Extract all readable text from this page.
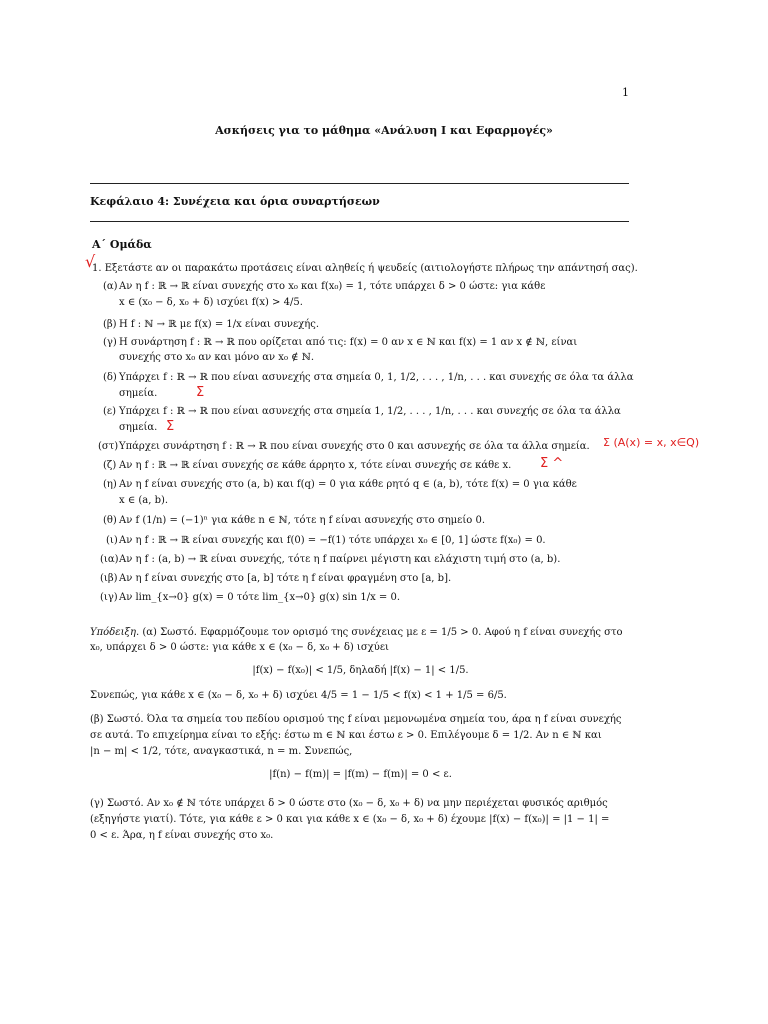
1
Ασκήσεις για το μάθημα «Ανάλυση Ι και Εφαρμογές»
Κεφάλαιο 4: Συνέχεια και όρια συναρτήσεων
Α΄ Ομάδα
1. Εξετάστε αν οι παρακάτω προτάσεις είναι αληθείς ή ψευδείς (αιτιολογήστε πλήρως την απάντησή σας).
(α) Αν η f : ℝ → ℝ είναι συνεχής στο x₀ και f(x₀) = 1, τότε υπάρχει δ > 0 ώστε: για κάθε
x ∈ (x₀ − δ, x₀ + δ) ισχύει f(x) > 4/5.
(β) Η f : ℕ → ℝ με f(x) = 1/x είναι συνεχής.
(γ) Η συνάρτηση f : ℝ → ℝ που ορίζεται από τις: f(x) = 0 αν x ∈ ℕ και f(x) = 1 αν x ∉ ℕ, είναι
συνεχής στο x₀ αν και μόνο αν x₀ ∉ ℕ.
(δ) Υπάρχει f : ℝ → ℝ που είναι ασυνεχής στα σημεία 0, 1, 1/2, . . . , 1/n, . . . και συνεχής σε όλα τα άλλα
σημεία.
(ε) Υπάρχει f : ℝ → ℝ που είναι ασυνεχής στα σημεία 1, 1/2, . . . , 1/n, . . . και συνεχής σε όλα τα άλλα
σημεία.
(στ) Υπάρχει συνάρτηση f : ℝ → ℝ που είναι συνεχής στο 0 και ασυνεχής σε όλα τα άλλα σημεία.
(ζ) Αν η f : ℝ → ℝ είναι συνεχής σε κάθε άρρητο x, τότε είναι συνεχής σε κάθε x.
(η) Αν η f είναι συνεχής στο (a, b) και f(q) = 0 για κάθε ρητό q ∈ (a, b), τότε f(x) = 0 για κάθε
x ∈ (a, b).
(θ) Αν f (1/n) = (−1)ⁿ για κάθε n ∈ ℕ, τότε η f είναι ασυνεχής στο σημείο 0.
(ι) Αν η f : ℝ → ℝ είναι συνεχής και f(0) = −f(1) τότε υπάρχει x₀ ∈ [0, 1] ώστε f(x₀) = 0.
(ια) Αν η f : (a, b) → ℝ είναι συνεχής, τότε η f παίρνει μέγιστη και ελάχιστη τιμή στο (a, b).
(ιβ) Αν η f είναι συνεχής στο [a, b] τότε η f είναι φραγμένη στο [a, b].
(ιγ) Αν lim_{x→0} g(x) = 0 τότε lim_{x→0} g(x) sin 1/x = 0.
Υπόδειξη. (α) Σωστό. Εφαρμόζουμε τον ορισμό της συνέχειας με ε = 1/5 > 0. Αφού η f είναι συνεχής στο
x₀, υπάρχει δ > 0 ώστε: για κάθε x ∈ (x₀ − δ, x₀ + δ) ισχύει
|f(x) − f(x₀)| < 1/5, δηλαδή |f(x) − 1| < 1/5.
Συνεπώς, για κάθε x ∈ (x₀ − δ, x₀ + δ) ισχύει 4/5 = 1 − 1/5 < f(x) < 1 + 1/5 = 6/5.
(β) Σωστό. Όλα τα σημεία του πεδίου ορισμού της f είναι μεμονωμένα σημεία του, άρα η f είναι συνεχής
σε αυτά. Το επιχείρημα είναι το εξής: έστω m ∈ ℕ και έστω ε > 0. Επιλέγουμε δ = 1/2. Αν n ∈ ℕ και
|n − m| < 1/2, τότε, αναγκαστικά, n = m. Συνεπώς,
|f(n) − f(m)| = |f(m) − f(m)| = 0 < ε.
(γ) Σωστό. Αν x₀ ∉ ℕ τότε υπάρχει δ > 0 ώστε στο (x₀ − δ, x₀ + δ) να μην περιέχεται φυσικός αριθμός
(εξηγήστε γιατί). Τότε, για κάθε ε > 0 και για κάθε x ∈ (x₀ − δ, x₀ + δ) έχουμε |f(x) − f(x₀)| = |1 − 1| =
0 < ε. Άρα, η f είναι συνεχής στο x₀.
√
Σ
Σ
Σ (A(x) = x, x∈Q)
Σ ^
